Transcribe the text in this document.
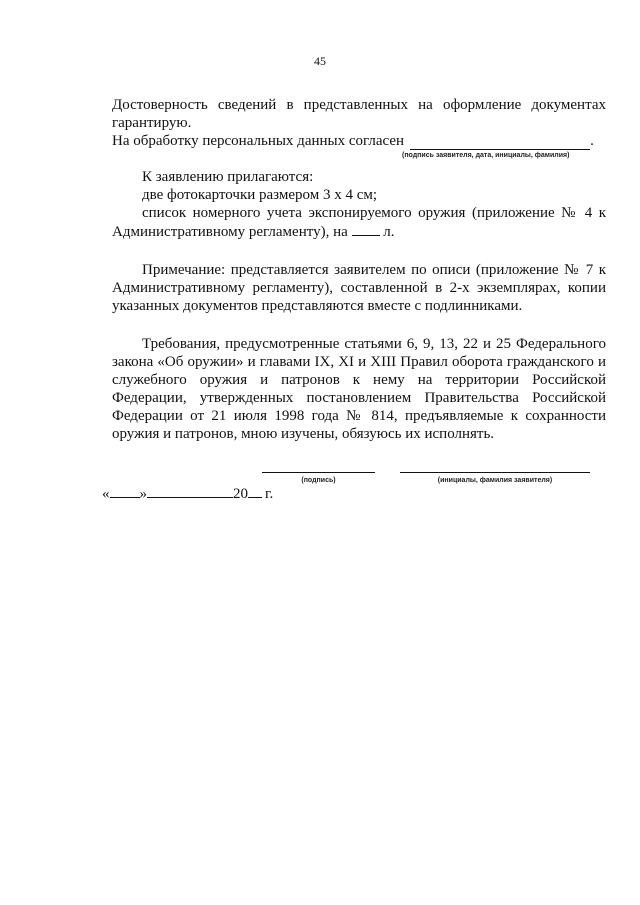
45

Достоверность сведений в представленных на оформление документах гарантирую.

На обработку персональных данных согласен	.
(подпись заявителя, дата, инициалы, фамилия)
К заявлению прилагаются:
две фотокарточки размером 3 х 4 см;
список номерного учета экспонируемого оружия (приложение № 4 к Административному регламенту), на л.

Примечание: представляется заявителем по описи (приложение № 7 к Административному регламенту), составленной в 2-х экземплярах, копии указанных документов представляются вместе с подлинниками.

Требования, предусмотренные статьями 6, 9, 13, 22 и 25 Федерального закона «Об оружии» и главами IX, XI и XIII Правил оборота гражданского и служебного оружия и патронов к нему на территории Российской Федерации, утвержденных постановлением Правительства Российской Федерации от 21 июля 1998 года № 814, предъявляемые к сохранности оружия и патронов, мною изучены, обязуюсь их исполнять.

(подпись)	(инициалы, фамилия заявителя)
« »	20 г.
